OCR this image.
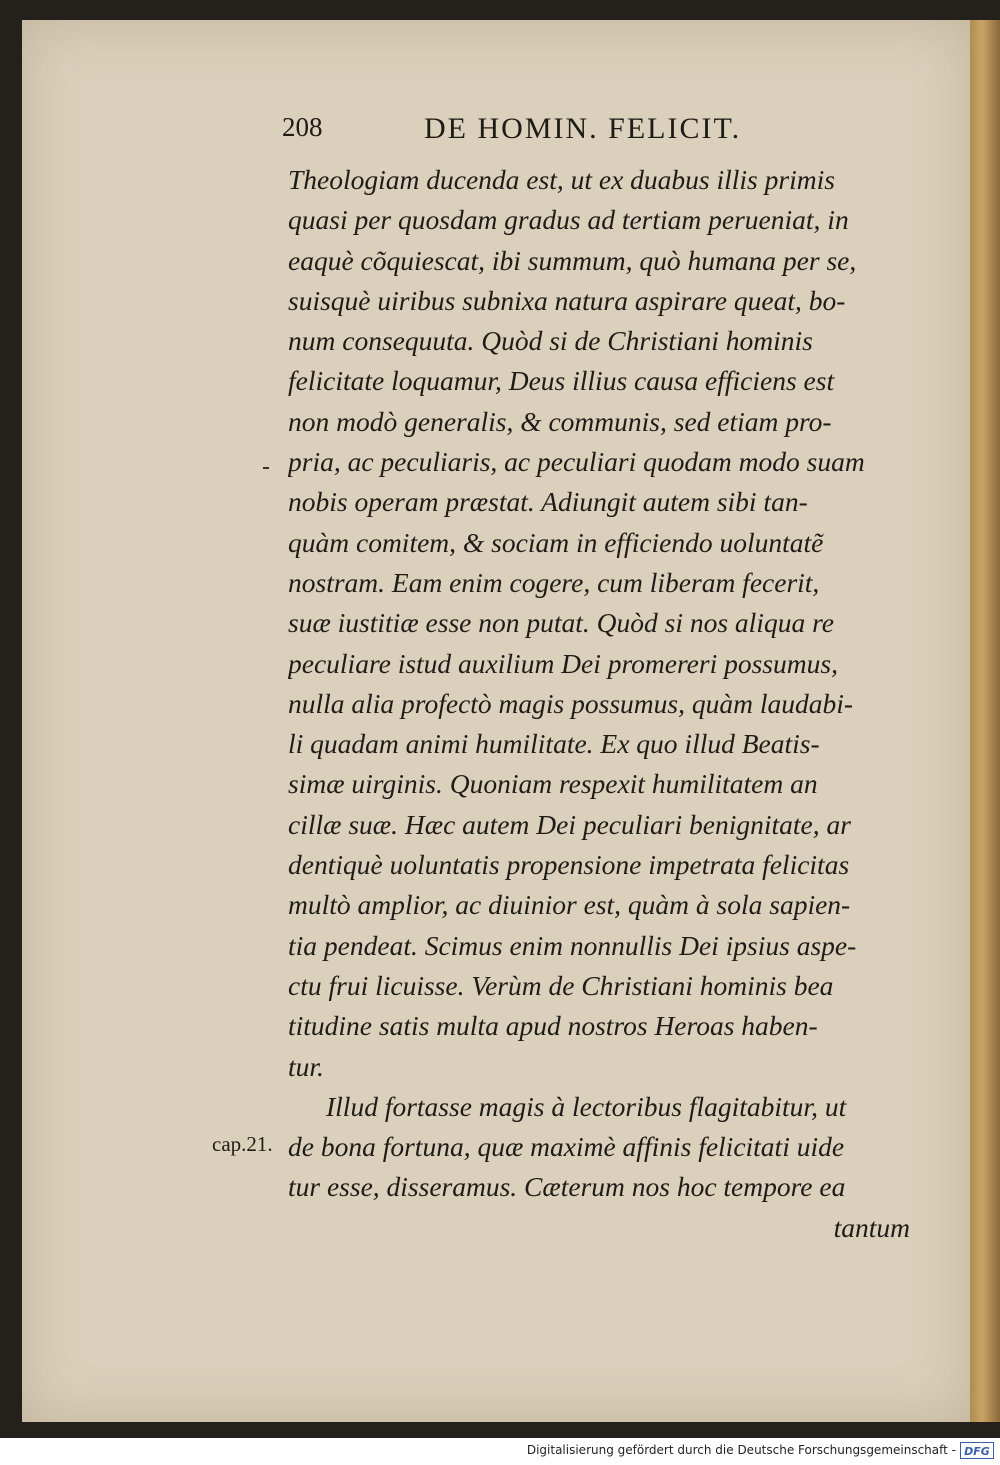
208	DE HOMIN. FELICIT.
Theologiam ducenda est, ut ex duabus illis primis
quasi per quosdam gradus ad tertiam perueniat, in
eaquè cõquiescat, ibi summum, quò humana per se,
suisquè uiribus subnixa natura aspirare queat, bo-
num consequuta. Quòd si de Christiani hominis
felicitate loquamur, Deus illius causa efficiens est
non modò generalis, & communis, sed etiam pro-
pria, ac peculiaris, ac peculiari quodam modo suam
nobis operam præstat. Adiungit autem sibi tan-
quàm comitem, & sociam in efficiendo uoluntatẽ
nostram. Eam enim cogere, cum liberam fecerit,
suæ iustitiæ esse non putat. Quòd si nos aliqua re
peculiare istud auxilium Dei promereri possumus,
nulla alia profectò magis possumus, quàm laudabi-
li quadam animi humilitate. Ex quo illud Beatis-
simæ uirginis. Quoniam respexit humilitatem an
cillæ suæ. Hæc autem Dei peculiari benignitate, ar
dentiquè uoluntatis propensione impetrata felicitas
multò amplior, ac diuinior est, quàm à sola sapien-
tia pendeat. Scimus enim nonnullis Dei ipsius aspe-
ctu frui licuisse. Verùm de Christiani hominis bea
titudine satis multa apud nostros Heroas haben-
tur.
Illud fortasse magis à lectoribus flagitabitur, ut
de bona fortuna, quæ maximè affinis felicitati uide
tur esse, disseramus. Cæterum nos hoc tempore ea
tantum
cap.21.
Digitalisierung gefördert durch die Deutsche Forschungsgemeinschaft - DFG
